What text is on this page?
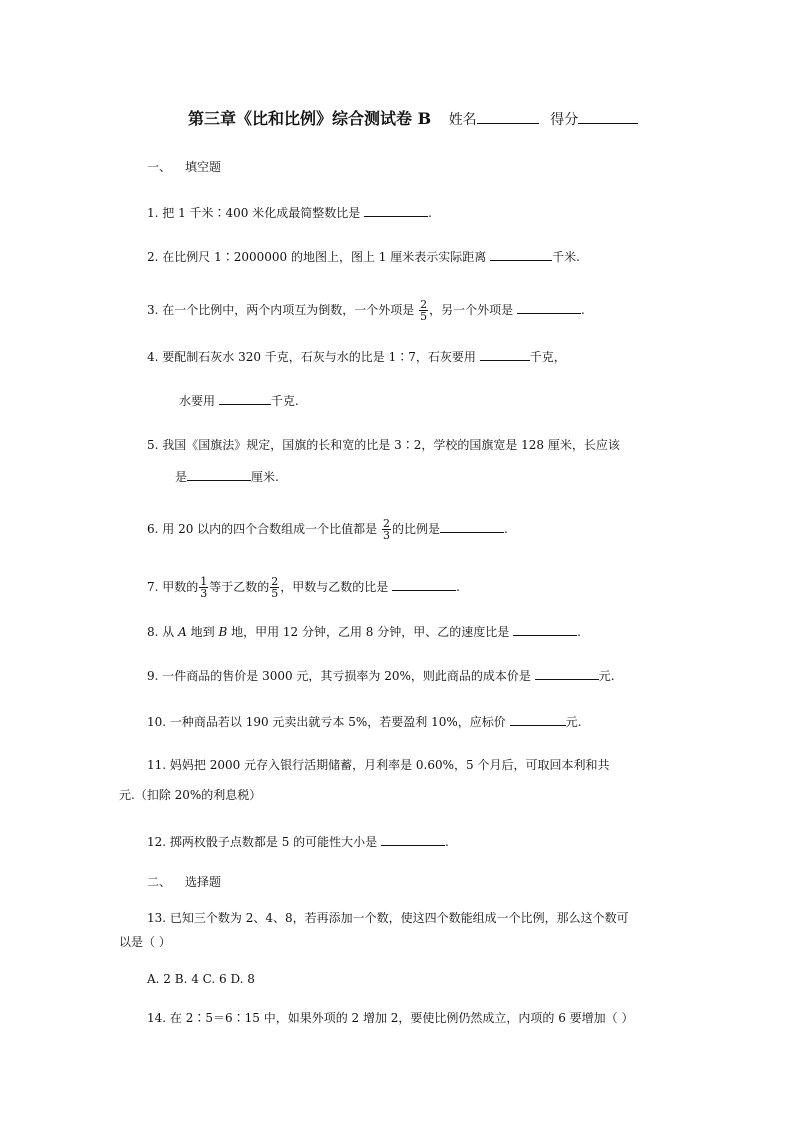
第三章《比和比例》综合测试卷 B 姓名	得分
一、 填空题
1. 把 1 千米∶400 米化成最简整数比是	.
2. 在比例尺 1∶2000000 的地图上，图上 1 厘米表示实际距离	千米.
3. 在一个比例中，两个内项互为倒数，一个外项是 $\frac{2}{5}$ ，另一个外项是	.
4. 要配制石灰水 320 千克，石灰与水的比是 1∶7，石灰要用	千克，
水要用	千克.
5. 我国《国旗法》规定，国旗的长和宽的比是 3∶2，学校的国旗宽是 128 厘米，长应该
是	厘米.
6. 用 20 以内的四个合数组成一个比值都是 $\frac{2}{3}$ 的比例是	.
7. 甲数的 $\frac{1}{3}$ 等于乙数的 $\frac{2}{5}$ ，甲数与乙数的比是	.
8. 从 A 地到 B 地，甲用 12 分钟，乙用 8 分钟，甲、乙的速度比是	.
9. 一件商品的售价是 3000 元，其亏损率为 20%，则此商品的成本价是	元.
10. 一种商品若以 190 元卖出就亏本 5%，若要盈利 10%，应标价	元.
11. 妈妈把 2000 元存入银行活期储蓄，月利率是 0.60%，5 个月后，可取回本利和共
元.（扣除 20%的利息税）
12. 掷两枚骰子点数都是 5 的可能性大小是	.
二、 选择题
13. 已知三个数为 2、4、8，若再添加一个数，使这四个数能组成一个比例，那么这个数可
以是（ ）
A. 2 B. 4 C. 6 D. 8
14. 在 2∶5＝6∶15 中，如果外项的 2 增加 2，要使比例仍然成立，内项的 6 要增加（ ）
